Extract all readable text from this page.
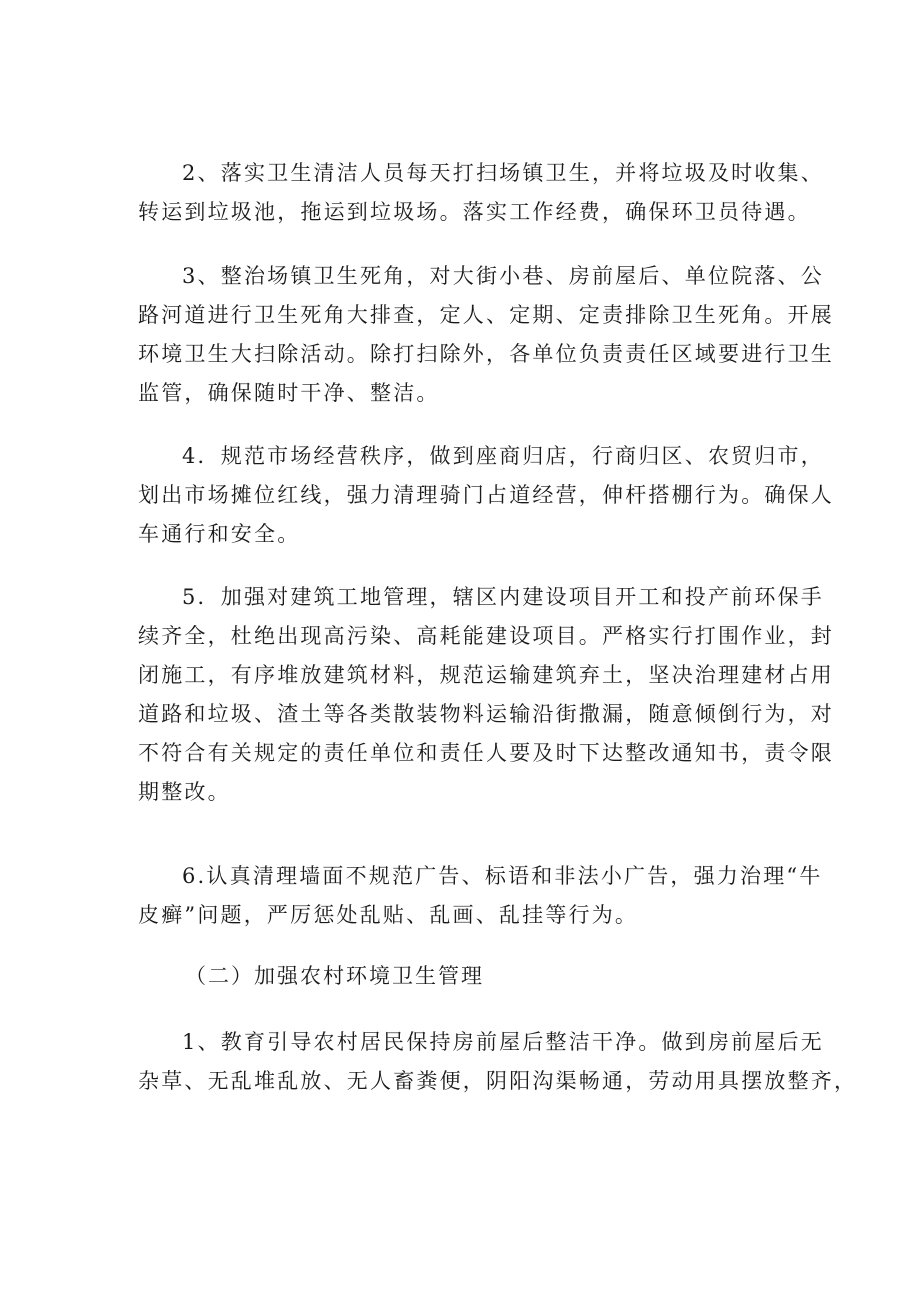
2、落实卫生清洁人员每天打扫场镇卫生，并将垃圾及时收集、
转运到垃圾池，拖运到垃圾场。落实工作经费，确保环卫员待遇。
3、整治场镇卫生死角，对大街小巷、房前屋后、单位院落、公
路河道进行卫生死角大排查，定人、定期、定责排除卫生死角。开展
环境卫生大扫除活动。除打扫除外，各单位负责责任区域要进行卫生
监管，确保随时干净、整洁。
4．规范市场经营秩序，做到座商归店，行商归区、农贸归市，
划出市场摊位红线，强力清理骑门占道经营，伸杆搭棚行为。确保人
车通行和安全。
5．加强对建筑工地管理，辖区内建设项目开工和投产前环保手
续齐全，杜绝出现高污染、高耗能建设项目。严格实行打围作业，封
闭施工，有序堆放建筑材料，规范运输建筑弃土，坚决治理建材占用
道路和垃圾、渣土等各类散装物料运输沿街撒漏，随意倾倒行为，对
不符合有关规定的责任单位和责任人要及时下达整改通知书，责令限
期整改。
6.认真清理墙面不规范广告、标语和非法小广告，强力治理“牛
皮癣”问题，严厉惩处乱贴、乱画、乱挂等行为。
（二）加强农村环境卫生管理
1、教育引导农村居民保持房前屋后整洁干净。做到房前屋后无
杂草、无乱堆乱放、无人畜粪便，阴阳沟渠畅通，劳动用具摆放整齐，
